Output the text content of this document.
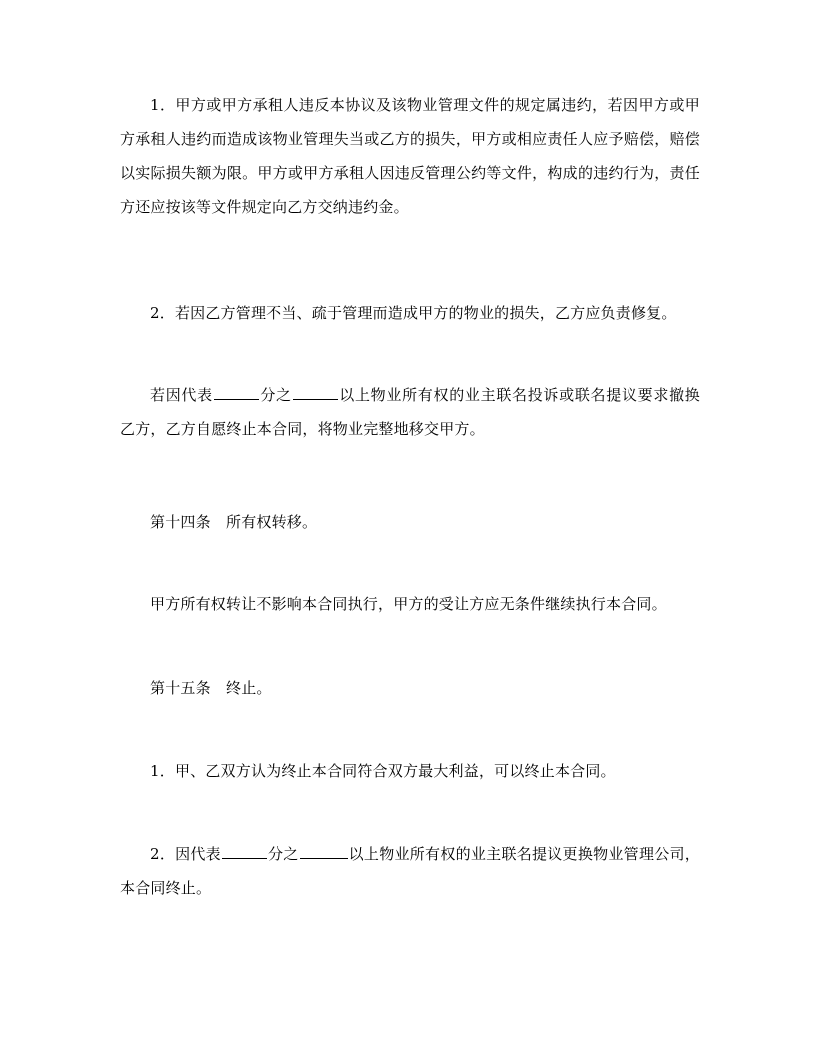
1．甲方或甲方承租人违反本协议及该物业管理文件的规定属违约，若因甲方或甲方承租人违约而造成该物业管理失当或乙方的损失，甲方或相应责任人应予赔偿，赔偿以实际损失额为限。甲方或甲方承租人因违反管理公约等文件，构成的违约行为，责任方还应按该等文件规定向乙方交纳违约金。

2．若因乙方管理不当、疏于管理而造成甲方的物业的损失，乙方应负责修复。

若因代表	分之	以上物业所有权的业主联名投诉或联名提议要求撤换乙方，乙方自愿终止本合同，将物业完整地移交甲方。

第十四条　所有权转移。

甲方所有权转让不影响本合同执行，甲方的受让方应无条件继续执行本合同。

第十五条　终止。

1．甲、乙双方认为终止本合同符合双方最大利益，可以终止本合同。

2．因代表	分之	以上物业所有权的业主联名提议更换物业管理公司，本合同终止。
